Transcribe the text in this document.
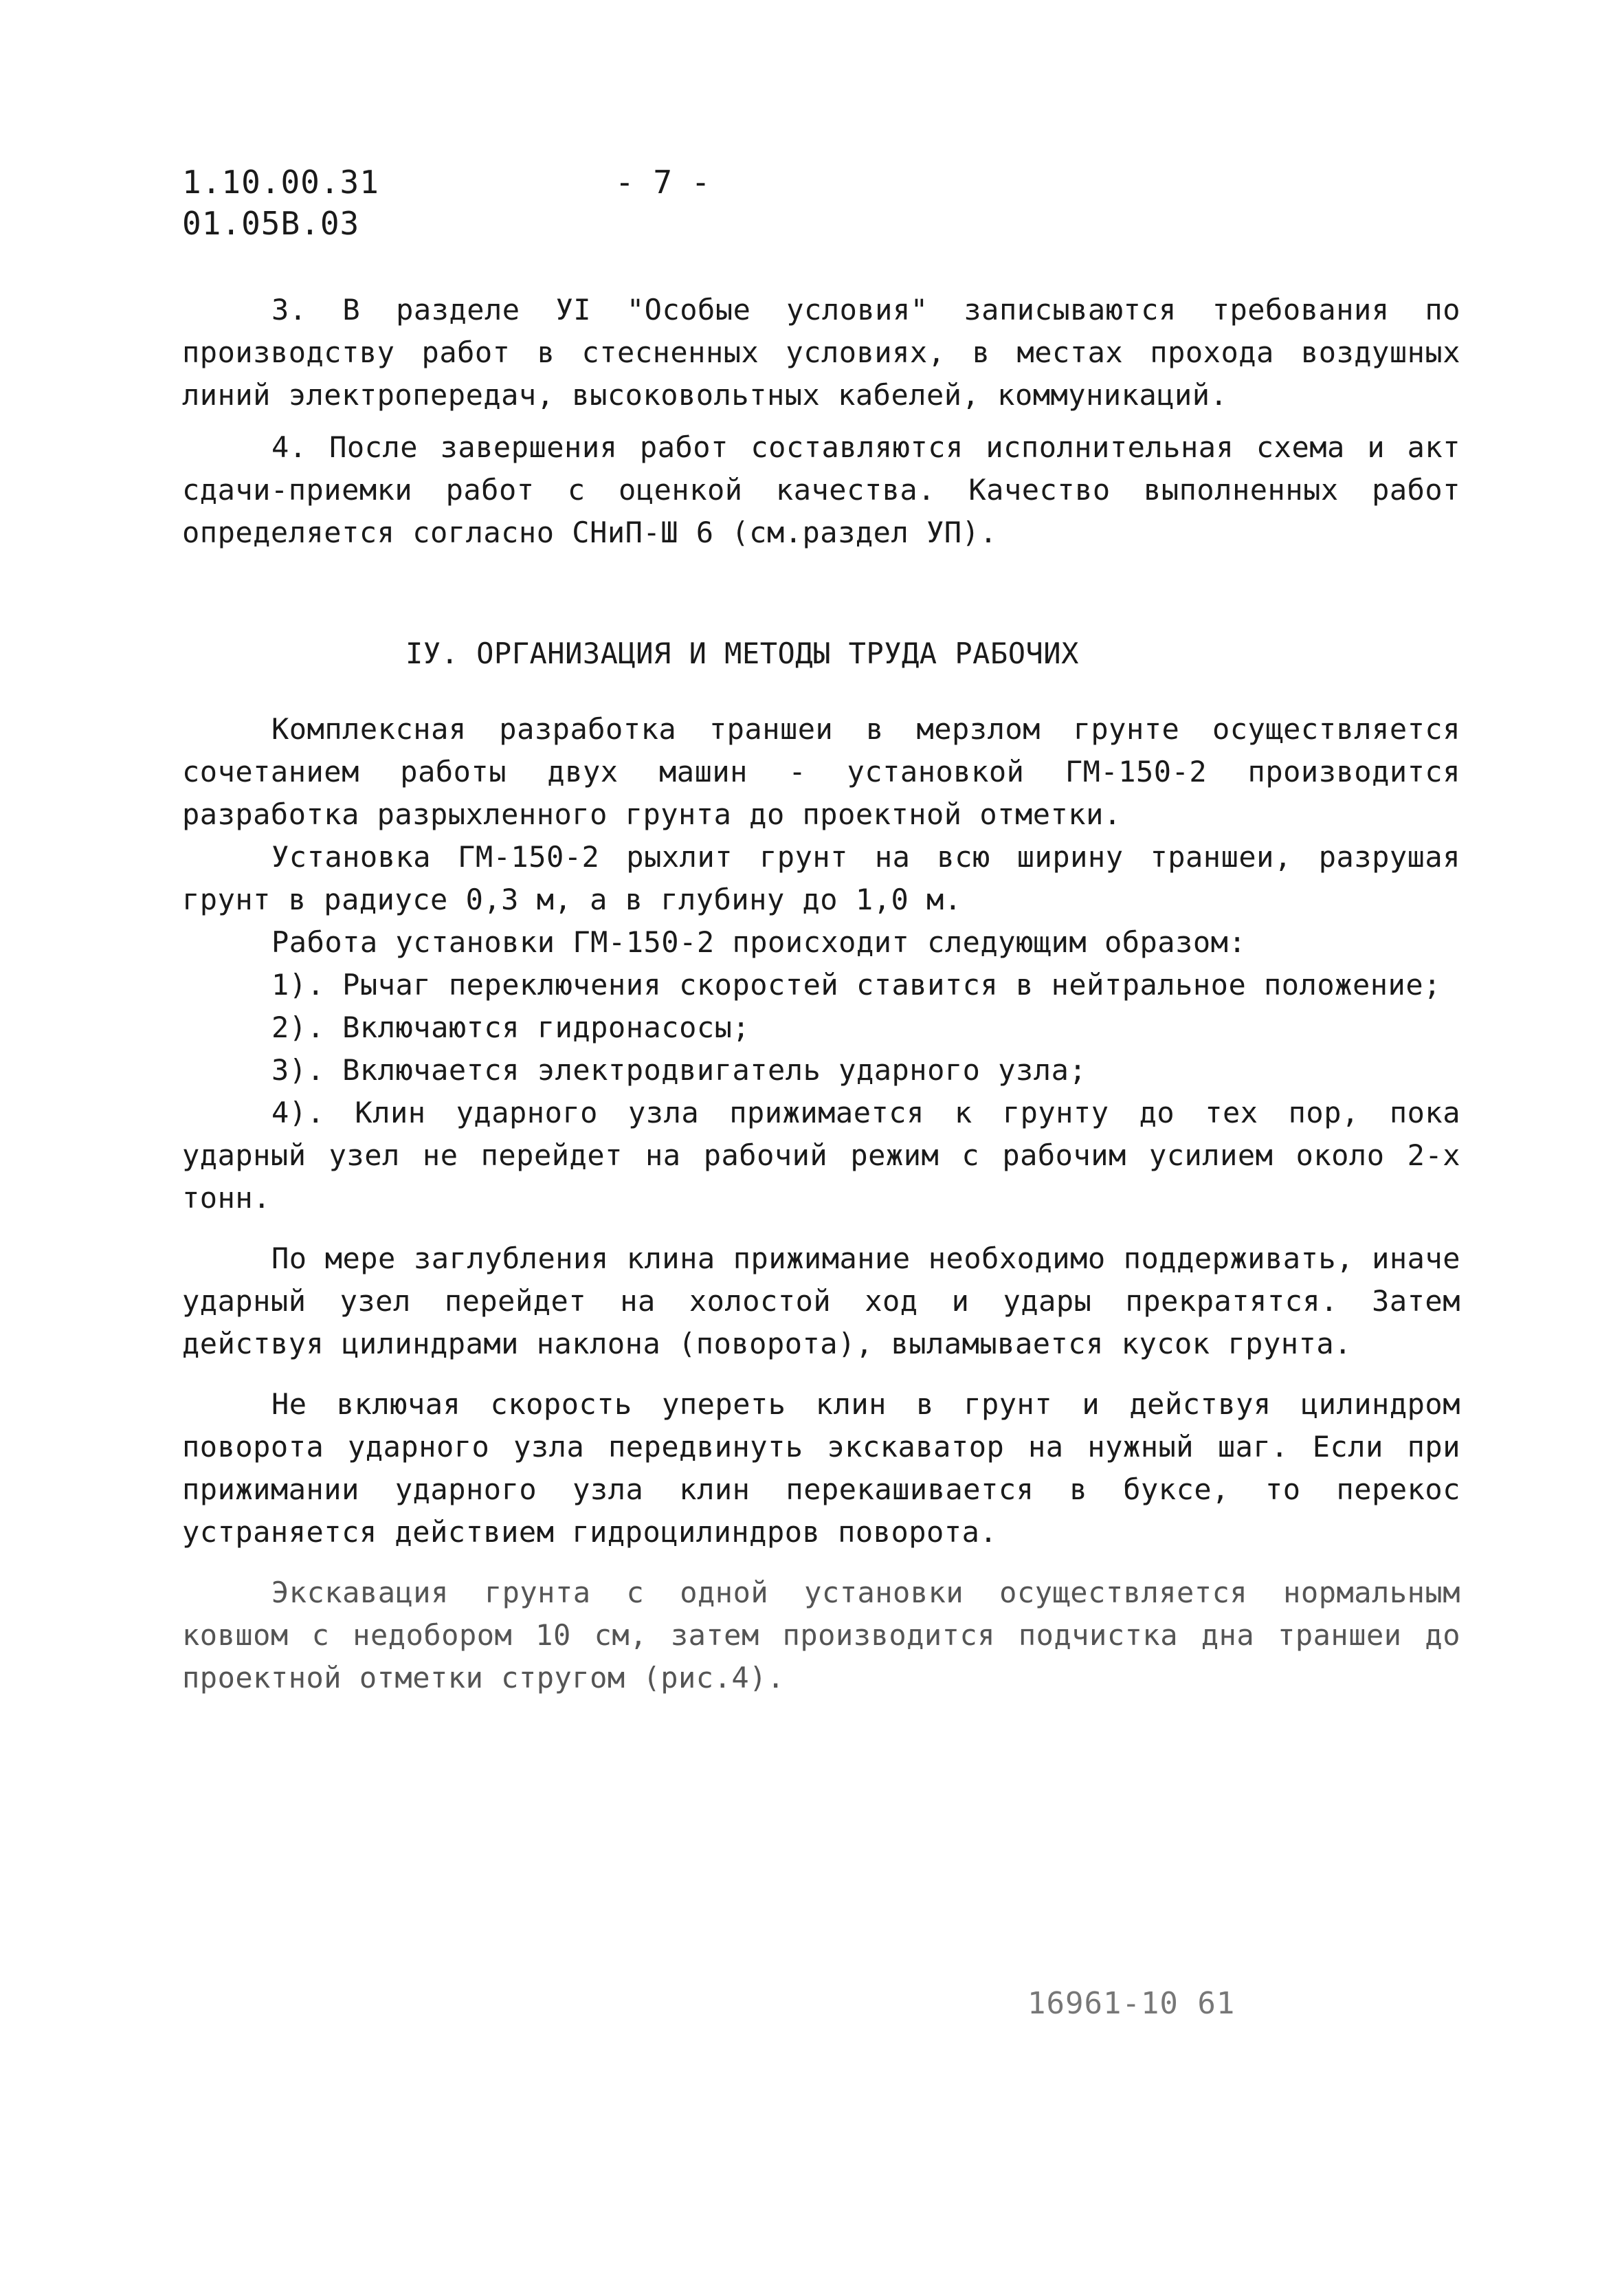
1.10.00.31
01.05B.03
- 7 -

3. В разделе УI "Особые условия" записываются требования по производству работ в стесненных условиях, в местах прохода воздушных линий электропередач, высоковольтных кабелей, коммуникаций.

4. После завершения работ составляются исполнительная схема и акт сдачи-приемки работ с оценкой качества. Качество выполненных работ определяется согласно СНиП-Ш 6 (см.раздел УП).

IУ. ОРГАНИЗАЦИЯ И МЕТОДЫ ТРУДА РАБОЧИХ

Комплексная разработка траншеи в мерзлом грунте осуществляется сочетанием работы двух машин - установкой ГМ-150-2 производится разработка разрыхленного грунта до проектной отметки.

Установка ГМ-150-2 рыхлит грунт на всю ширину траншеи, разрушая грунт в радиусе 0,3 м, а в глубину до 1,0 м.

Работа установки ГМ-150-2 происходит следующим образом:

1). Рычаг переключения скоростей ставится в нейтральное положение;

2). Включаются гидронасосы;

3). Включается электродвигатель ударного узла;

4). Клин ударного узла прижимается к грунту до тех пор, пока ударный узел не перейдет на рабочий режим с рабочим усилием около 2-х тонн.

По мере заглубления клина прижимание необходимо поддерживать, иначе ударный узел перейдет на холостой ход и удары прекратятся. Затем действуя цилиндрами наклона (поворота), выламывается кусок грунта.

Не включая скорость уперeть клин в грунт и действуя цилиндром поворота ударного узла передвинуть экскаватор на нужный шаг. Если при прижимании ударного узла клин перекашивается в буксе, то перекос устраняется действием гидроцилиндров поворота.

Экскавация грунта с одной установки осуществляется нормальным ковшом с недобором 10 см, затем производится подчистка дна траншеи до проектной отметки стругом (рис.4).

16961-10 61
